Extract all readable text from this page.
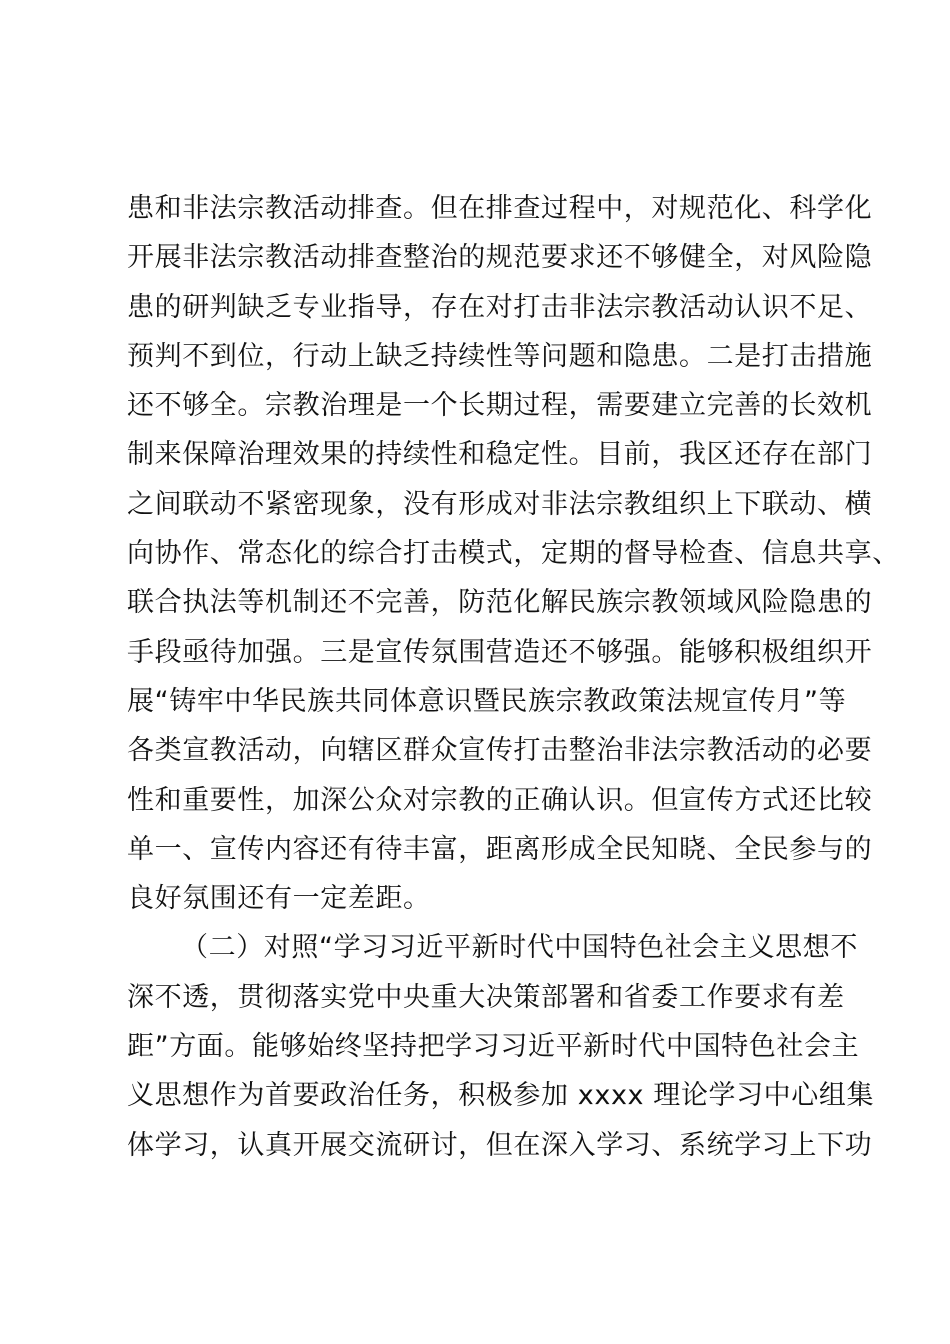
患和非法宗教活动排查。但在排查过程中，对规范化、科学化
开展非法宗教活动排查整治的规范要求还不够健全，对风险隐
患的研判缺乏专业指导，存在对打击非法宗教活动认识不足、
预判不到位，行动上缺乏持续性等问题和隐患。二是打击措施
还不够全。宗教治理是一个长期过程，需要建立完善的长效机
制来保障治理效果的持续性和稳定性。目前，我区还存在部门
之间联动不紧密现象，没有形成对非法宗教组织上下联动、横
向协作、常态化的综合打击模式，定期的督导检查、信息共享、
联合执法等机制还不完善，防范化解民族宗教领域风险隐患的
手段亟待加强。三是宣传氛围营造还不够强。能够积极组织开
展“铸牢中华民族共同体意识暨民族宗教政策法规宣传月”等
各类宣教活动，向辖区群众宣传打击整治非法宗教活动的必要
性和重要性，加深公众对宗教的正确认识。但宣传方式还比较
单一、宣传内容还有待丰富，距离形成全民知晓、全民参与的
良好氛围还有一定差距。
（二）对照“学习习近平新时代中国特色社会主义思想不
深不透，贯彻落实党中央重大决策部署和省委工作要求有差
距”方面。能够始终坚持把学习习近平新时代中国特色社会主
义思想作为首要政治任务，积极参加 xxxx 理论学习中心组集
体学习，认真开展交流研讨，但在深入学习、系统学习上下功
